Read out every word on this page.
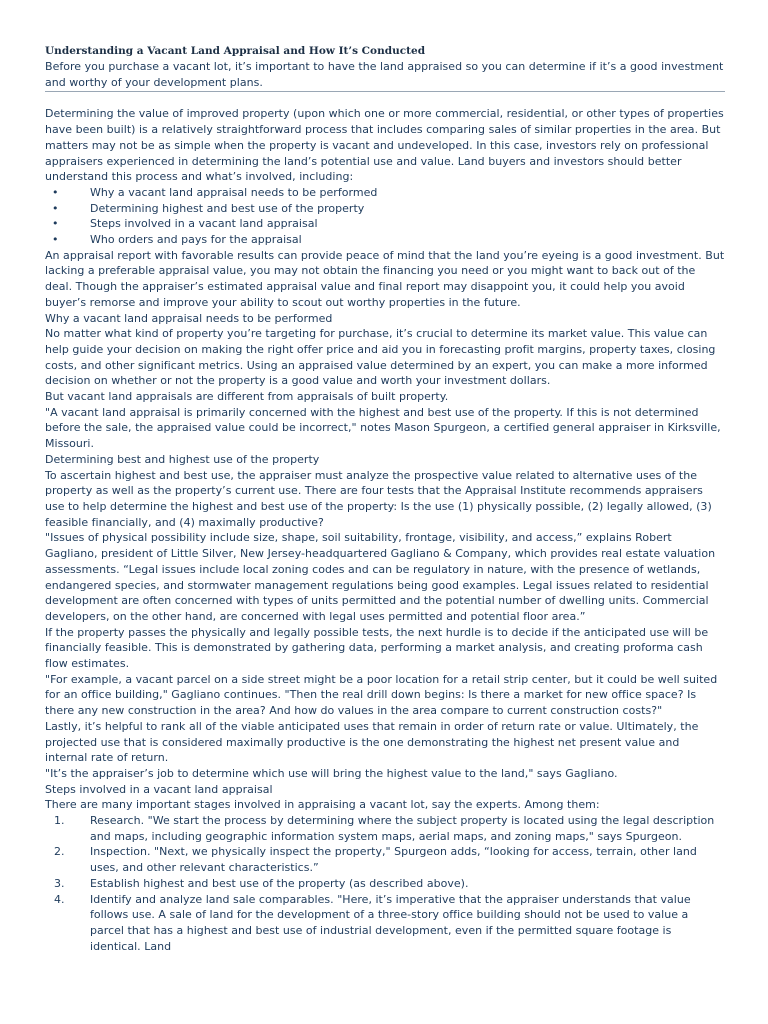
Understanding a Vacant Land Appraisal and How It’s Conducted

Before you purchase a vacant lot, it’s important to have the land appraised so you can determine if it’s a good investment and worthy of your development plans.

Determining the value of improved property (upon which one or more commercial, residential, or other types of properties have been built) is a relatively straightforward process that includes comparing sales of similar properties in the area. But matters may not be as simple when the property is vacant and undeveloped. In this case, investors rely on professional appraisers experienced in determining the land’s potential use and value. Land buyers and investors should better understand this process and what’s involved, including:

•	Why a vacant land appraisal needs to be performed
•	Determining highest and best use of the property
•	Steps involved in a vacant land appraisal
•	Who orders and pays for the appraisal

An appraisal report with favorable results can provide peace of mind that the land you’re eyeing is a good investment. But lacking a preferable appraisal value, you may not obtain the financing you need or you might want to back out of the deal. Though the appraiser’s estimated appraisal value and final report may disappoint you, it could help you avoid buyer’s remorse and improve your ability to scout out worthy properties in the future.

Why a vacant land appraisal needs to be performed

No matter what kind of property you’re targeting for purchase, it’s crucial to determine its market value. This value can help guide your decision on making the right offer price and aid you in forecasting profit margins, property taxes, closing costs, and other significant metrics. Using an appraised value determined by an expert, you can make a more informed decision on whether or not the property is a good value and worth your investment dollars.

But vacant land appraisals are different from appraisals of built property.

"A vacant land appraisal is primarily concerned with the highest and best use of the property. If this is not determined before the sale, the appraised value could be incorrect," notes Mason Spurgeon, a certified general appraiser in Kirksville, Missouri.

Determining best and highest use of the property

To ascertain highest and best use, the appraiser must analyze the prospective value related to alternative uses of the property as well as the property’s current use. There are four tests that the Appraisal Institute recommends appraisers use to help determine the highest and best use of the property: Is the use (1) physically possible, (2) legally allowed, (3) feasible financially, and (4) maximally productive?

"Issues of physical possibility include size, shape, soil suitability, frontage, visibility, and access,” explains Robert Gagliano, president of Little Silver, New Jersey-headquartered Gagliano & Company, which provides real estate valuation assessments. “Legal issues include local zoning codes and can be regulatory in nature, with the presence of wetlands, endangered species, and stormwater management regulations being good examples. Legal issues related to residential development are often concerned with types of units permitted and the potential number of dwelling units. Commercial developers, on the other hand, are concerned with legal uses permitted and potential floor area.”

If the property passes the physically and legally possible tests, the next hurdle is to decide if the anticipated use will be financially feasible. This is demonstrated by gathering data, performing a market analysis, and creating proforma cash flow estimates.

"For example, a vacant parcel on a side street might be a poor location for a retail strip center, but it could be well suited for an office building," Gagliano continues. "Then the real drill down begins: Is there a market for new office space? Is there any new construction in the area? And how do values in the area compare to current construction costs?"

Lastly, it’s helpful to rank all of the viable anticipated uses that remain in order of return rate or value. Ultimately, the projected use that is considered maximally productive is the one demonstrating the highest net present value and internal rate of return.

"It’s the appraiser’s job to determine which use will bring the highest value to the land," says Gagliano.

Steps involved in a vacant land appraisal

There are many important stages involved in appraising a vacant lot, say the experts. Among them:

1. Research. "We start the process by determining where the subject property is located using the legal description and maps, including geographic information system maps, aerial maps, and zoning maps," says Spurgeon.
2. Inspection. "Next, we physically inspect the property," Spurgeon adds, “looking for access, terrain, other land uses, and other relevant characteristics.”
3. Establish highest and best use of the property (as described above).
4. Identify and analyze land sale comparables. "Here, it’s imperative that the appraiser understands that value follows use. A sale of land for the development of a three-story office building should not be used to value a parcel that has a highest and best use of industrial development, even if the permitted square footage is identical. Land
